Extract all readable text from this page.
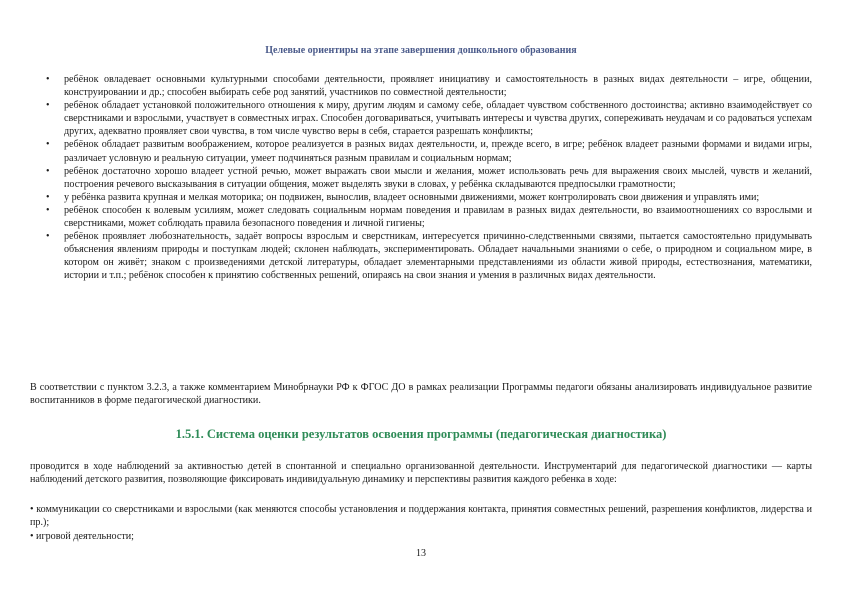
Целевые ориентиры на этапе завершения дошкольного образования
• ребёнок овладевает основными культурными способами деятельности, проявляет инициативу и самостоятельность в разных видах деятельности – игре, общении, конструировании и др.; способен выбирать себе род занятий, участников по совместной деятельности;
• ребёнок обладает установкой положительного отношения к миру, другим людям и самому себе, обладает чувством собственного достоинства; активно взаимодействует со сверстниками и взрослыми, участвует в совместных играх. Способен договариваться, учитывать интересы и чувства других, сопереживать неудачам и со радоваться успехам других, адекватно проявляет свои чувства, в том числе чувство веры в себя, старается разрешать конфликты;
• ребёнок обладает развитым воображением, которое реализуется в разных видах деятельности, и, прежде всего, в игре; ребёнок владеет разными формами и видами игры, различает условную и реальную ситуации, умеет подчиняться разным правилам и социальным нормам;
• ребёнок достаточно хорошо владеет устной речью, может выражать свои мысли и желания, может использовать речь для выражения своих мыслей, чувств и желаний, построения речевого высказывания в ситуации общения, может выделять звуки в словах, у ребёнка складываются предпосылки грамотности;
• у ребёнка развита крупная и мелкая моторика; он подвижен, вынослив, владеет основными движениями, может контролировать свои движения и управлять ими;
• ребёнок способен к волевым усилиям, может следовать социальным нормам поведения и правилам в разных видах деятельности, во взаимоотношениях со взрослыми и сверстниками, может соблюдать правила безопасного поведения и личной гигиены;
• ребёнок проявляет любознательность, задаёт вопросы взрослым и сверстникам, интересуется причинно-следственными связями, пытается самостоятельно придумывать объяснения явлениям природы и поступкам людей; склонен наблюдать, экспериментировать. Обладает начальными знаниями о себе, о природном и социальном мире, в котором он живёт; знаком с произведениями детской литературы, обладает элементарными представлениями из области живой природы, естествознания, математики, истории и т.п.; ребёнок способен к принятию собственных решений, опираясь на свои знания и умения в различных видах деятельности.

В соответствии с пунктом 3.2.3, а также комментарием Минобрнауки РФ к ФГОС ДО в рамках реализации Программы педагоги обязаны анализировать индивидуальное развитие воспитанников в форме педагогической диагностики.

1.5.1. Система оценки результатов освоения программы (педагогическая диагностика)

проводится в ходе наблюдений за активностью детей в спонтанной и специально организованной деятельности. Инструментарий для педагогической диагностики — карты наблюдений детского развития, позволяющие фиксировать индивидуальную динамику и перспективы развития каждого ребенка в ходе:

• коммуникации со сверстниками и взрослыми (как меняются способы установления и поддержания контакта, принятия совместных решений, разрешения конфликтов, лидерства и пр.);

• игровой деятельности;

13
